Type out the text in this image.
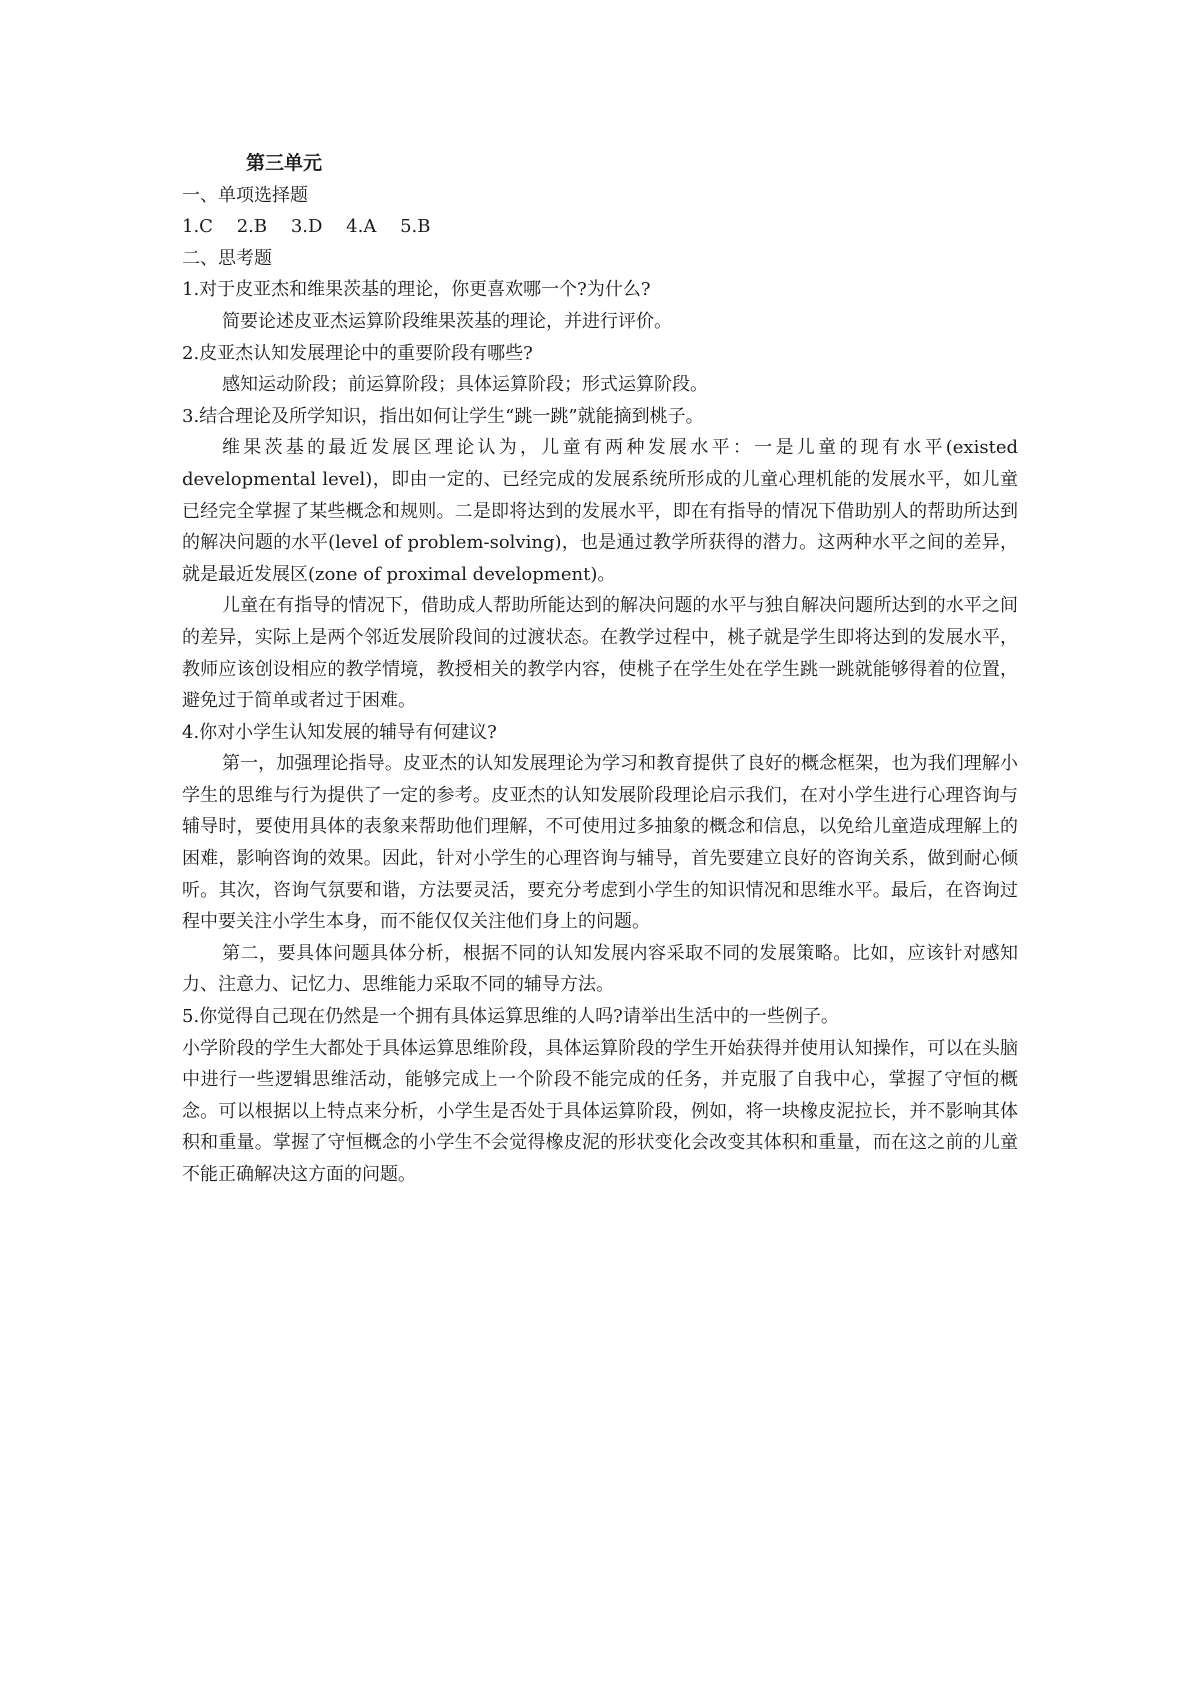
第三单元

一、单项选择题

1.C 2.B 3.D 4.A 5.B

二、思考题

1.对于皮亚杰和维果茨基的理论，你更喜欢哪一个?为什么?

简要论述皮亚杰运算阶段维果茨基的理论，并进行评价。

2.皮亚杰认知发展理论中的重要阶段有哪些?

感知运动阶段；前运算阶段；具体运算阶段；形式运算阶段。

3.结合理论及所学知识，指出如何让学生“跳一跳”就能摘到桃子。

维果茨基的最近发展区理论认为，儿童有两种发展水平：一是儿童的现有水平(existed developmental level)，即由一定的、已经完成的发展系统所形成的儿童心理机能的发展水平，如儿童已经完全掌握了某些概念和规则。二是即将达到的发展水平，即在有指导的情况下借助别人的帮助所达到的解决问题的水平(level of problem-solving)，也是通过教学所获得的潜力。这两种水平之间的差异，就是最近发展区(zone of proximal development)。

儿童在有指导的情况下，借助成人帮助所能达到的解决问题的水平与独自解决问题所达到的水平之间的差异，实际上是两个邻近发展阶段间的过渡状态。在教学过程中，桃子就是学生即将达到的发展水平，教师应该创设相应的教学情境，教授相关的教学内容，使桃子在学生处在学生跳一跳就能够得着的位置，避免过于简单或者过于困难。

4.你对小学生认知发展的辅导有何建议?

第一，加强理论指导。皮亚杰的认知发展理论为学习和教育提供了良好的概念框架，也为我们理解小学生的思维与行为提供了一定的参考。皮亚杰的认知发展阶段理论启示我们，在对小学生进行心理咨询与辅导时，要使用具体的表象来帮助他们理解，不可使用过多抽象的概念和信息，以免给儿童造成理解上的困难，影响咨询的效果。因此，针对小学生的心理咨询与辅导，首先要建立良好的咨询关系，做到耐心倾听。其次，咨询气氛要和谐，方法要灵活，要充分考虑到小学生的知识情况和思维水平。最后，在咨询过程中要关注小学生本身，而不能仅仅关注他们身上的问题。

第二，要具体问题具体分析，根据不同的认知发展内容采取不同的发展策略。比如，应该针对感知力、注意力、记忆力、思维能力采取不同的辅导方法。

5.你觉得自己现在仍然是一个拥有具体运算思维的人吗?请举出生活中的一些例子。

小学阶段的学生大都处于具体运算思维阶段，具体运算阶段的学生开始获得并使用认知操作，可以在头脑中进行一些逻辑思维活动，能够完成上一个阶段不能完成的任务，并克服了自我中心，掌握了守恒的概念。可以根据以上特点来分析，小学生是否处于具体运算阶段，例如，将一块橡皮泥拉长，并不影响其体积和重量。掌握了守恒概念的小学生不会觉得橡皮泥的形状变化会改变其体积和重量，而在这之前的儿童不能正确解决这方面的问题。
